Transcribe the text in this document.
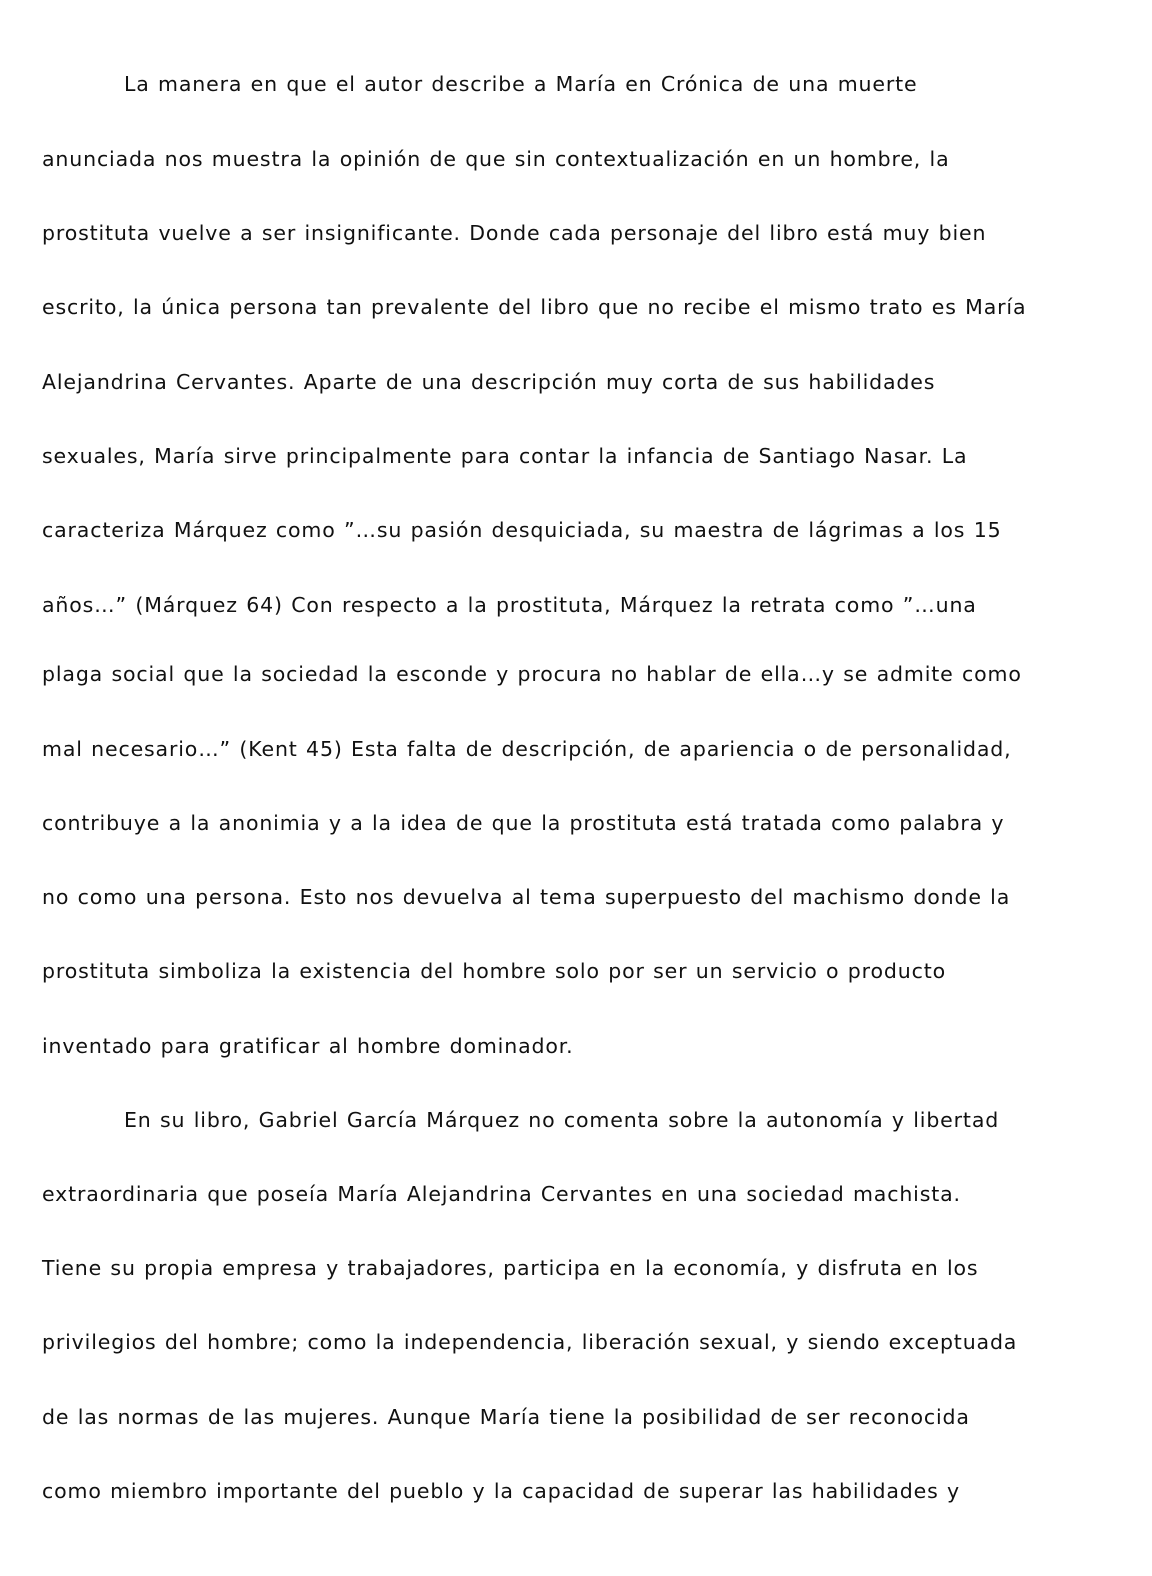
La manera en que el autor describe a María en Crónica de una muerte
anunciada nos muestra la opinión de que sin contextualización en un hombre, la
prostituta vuelve a ser insignificante. Donde cada personaje del libro está muy bien
escrito, la única persona tan prevalente del libro que no recibe el mismo trato es María
Alejandrina Cervantes. Aparte de una descripción muy corta de sus habilidades
sexuales, María sirve principalmente para contar la infancia de Santiago Nasar. La
caracteriza Márquez como ”…su pasión desquiciada, su maestra de lágrimas a los 15
años…” (Márquez 64) Con respecto a la prostituta, Márquez la retrata como ”…una
plaga social que la sociedad la esconde y procura no hablar de ella…y se admite como
mal necesario…” (Kent 45) Esta falta de descripción, de apariencia o de personalidad,
contribuye a la anonimia y a la idea de que la prostituta está tratada como palabra y
no como una persona. Esto nos devuelva al tema superpuesto del machismo donde la
prostituta simboliza la existencia del hombre solo por ser un servicio o producto
inventado para gratificar al hombre dominador.
En su libro, Gabriel García Márquez no comenta sobre la autonomía y libertad
extraordinaria que poseía María Alejandrina Cervantes en una sociedad machista.
Tiene su propia empresa y trabajadores, participa en la economía, y disfruta en los
privilegios del hombre; como la independencia, liberación sexual, y siendo exceptuada
de las normas de las mujeres. Aunque María tiene la posibilidad de ser reconocida
como miembro importante del pueblo y la capacidad de superar las habilidades y
